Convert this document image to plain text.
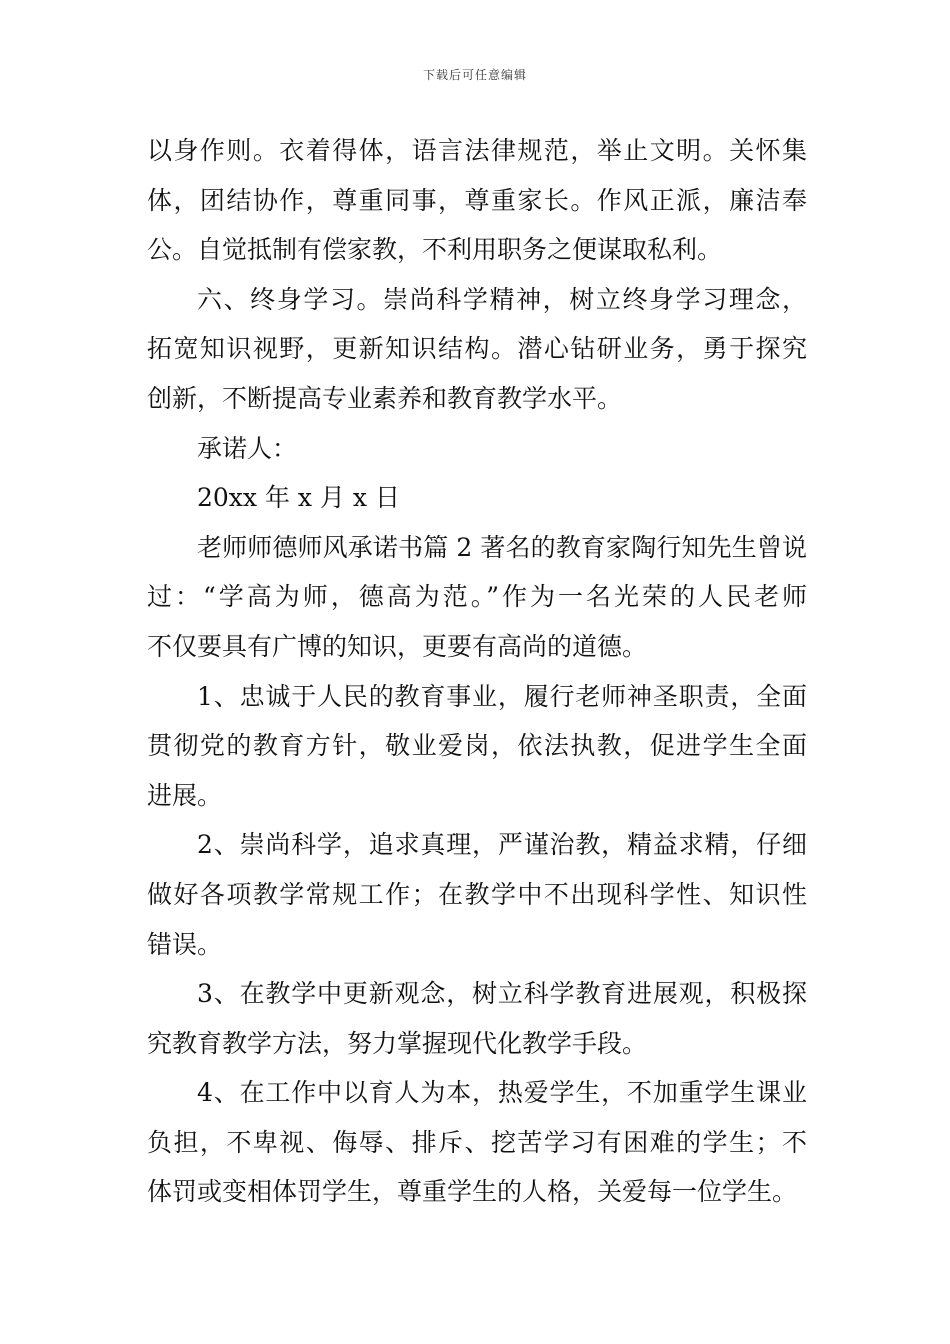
下载后可任意编辑
以身作则。衣着得体，语言法律规范，举止文明。关怀集
体，团结协作，尊重同事，尊重家长。作风正派，廉洁奉
公。自觉抵制有偿家教，不利用职务之便谋取私利。
六、终身学习。崇尚科学精神，树立终身学习理念，
拓宽知识视野，更新知识结构。潜心钻研业务，勇于探究
创新，不断提高专业素养和教育教学水平。
承诺人：
20xx 年 x 月 x 日
老师师德师风承诺书篇 2 著名的教育家陶行知先生曾说
过：“学高为师，德高为范。”作为一名光荣的人民老师
不仅要具有广博的知识，更要有高尚的道德。
1、忠诚于人民的教育事业，履行老师神圣职责，全面
贯彻党的教育方针，敬业爱岗，依法执教，促进学生全面
进展。
2、崇尚科学，追求真理，严谨治教，精益求精，仔细
做好各项教学常规工作；在教学中不出现科学性、知识性
错误。
3、在教学中更新观念，树立科学教育进展观，积极探
究教育教学方法，努力掌握现代化教学手段。
4、在工作中以育人为本，热爱学生，不加重学生课业
负担，不卑视、侮辱、排斥、挖苦学习有困难的学生；不
体罚或变相体罚学生，尊重学生的人格，关爱每一位学生。
